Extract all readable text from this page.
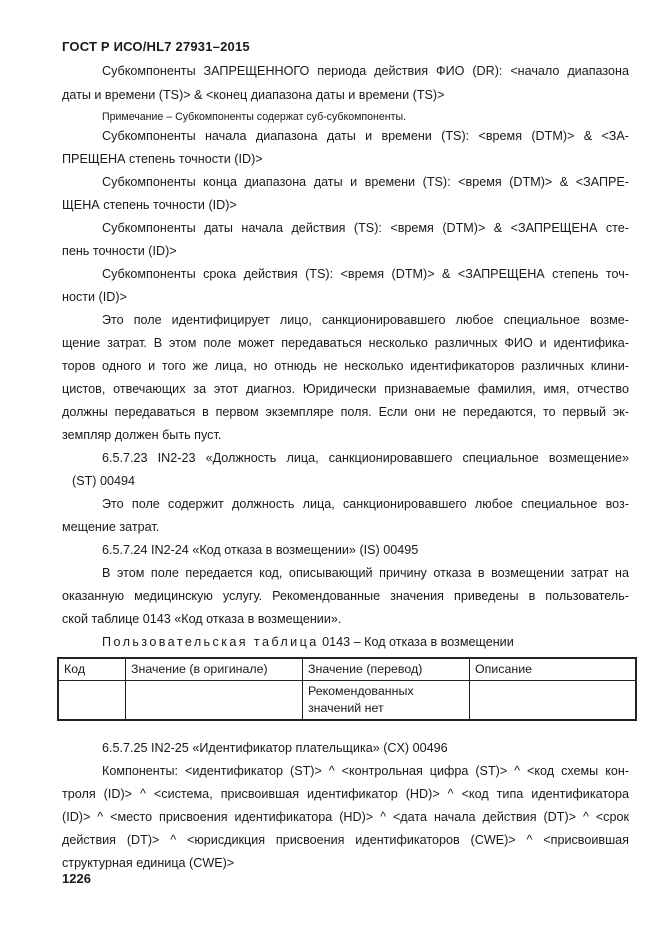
ГОСТ Р ИСО/HL7 27931–2015
Субкомпоненты ЗАПРЕЩЕННОГО периода действия ФИО (DR): <начало диапазона
даты и времени (TS)> & <конец диапазона даты и времени (TS)>
Примечание – Субкомпоненты содержат суб-субкомпоненты.
Субкомпоненты начала диапазона даты и времени (TS): <время (DTM)> & <ЗА-
ПРЕЩЕНА степень точности (ID)>
Субкомпоненты конца диапазона даты и времени (TS): <время (DTM)> & <ЗАПРЕ-
ЩЕНА степень точности (ID)>
Субкомпоненты даты начала действия (TS): <время (DTM)> & <ЗАПРЕЩЕНА сте-
пень точности (ID)>
Субкомпоненты срока действия (TS): <время (DTM)> & <ЗАПРЕЩЕНА степень точ-
ности (ID)>
Это поле идентифицирует лицо, санкционировавшего любое специальное возме-
щение затрат. В этом поле может передаваться несколько различных ФИО и идентифика-
торов одного и того же лица, но отнюдь не несколько идентификаторов различных клини-
цистов, отвечающих за этот диагноз. Юридически признаваемые фамилия, имя, отчество
должны передаваться в первом экземпляре поля. Если они не передаются, то первый эк-
земпляр должен быть пуст.
6.5.7.23 IN2-23 «Должность лица, санкционировавшего специальное возмещение»
(ST) 00494
Это поле содержит должность лица, санкционировавшего любое специальное воз-
мещение затрат.
6.5.7.24 IN2-24 «Код отказа в возмещении» (IS) 00495
В этом поле передается код, описывающий причину отказа в возмещении затрат на
оказанную медицинскую услугу. Рекомендованные значения приведены в пользователь-
ской таблице 0143 «Код отказа в возмещении».
Пользовательская таблица 0143 – Код отказа в возмещении
Код	Значение (в оригинале)	Значение (перевод)	Описание
		Рекомендованных значений нет	
6.5.7.25 IN2-25 «Идентификатор плательщика» (CX) 00496
Компоненты: <идентификатор (ST)> ^ <контрольная цифра (ST)> ^ <код схемы кон-
троля (ID)> ^ <система, присвоившая идентификатор (HD)> ^ <код типа идентификатора
(ID)> ^ <место присвоения идентификатора (HD)> ^ <дата начала действия (DT)> ^ <срок
действия (DT)> ^ <юрисдикция присвоения идентификаторов (CWE)> ^ <присвоившая
структурная единица (CWE)>
1226
